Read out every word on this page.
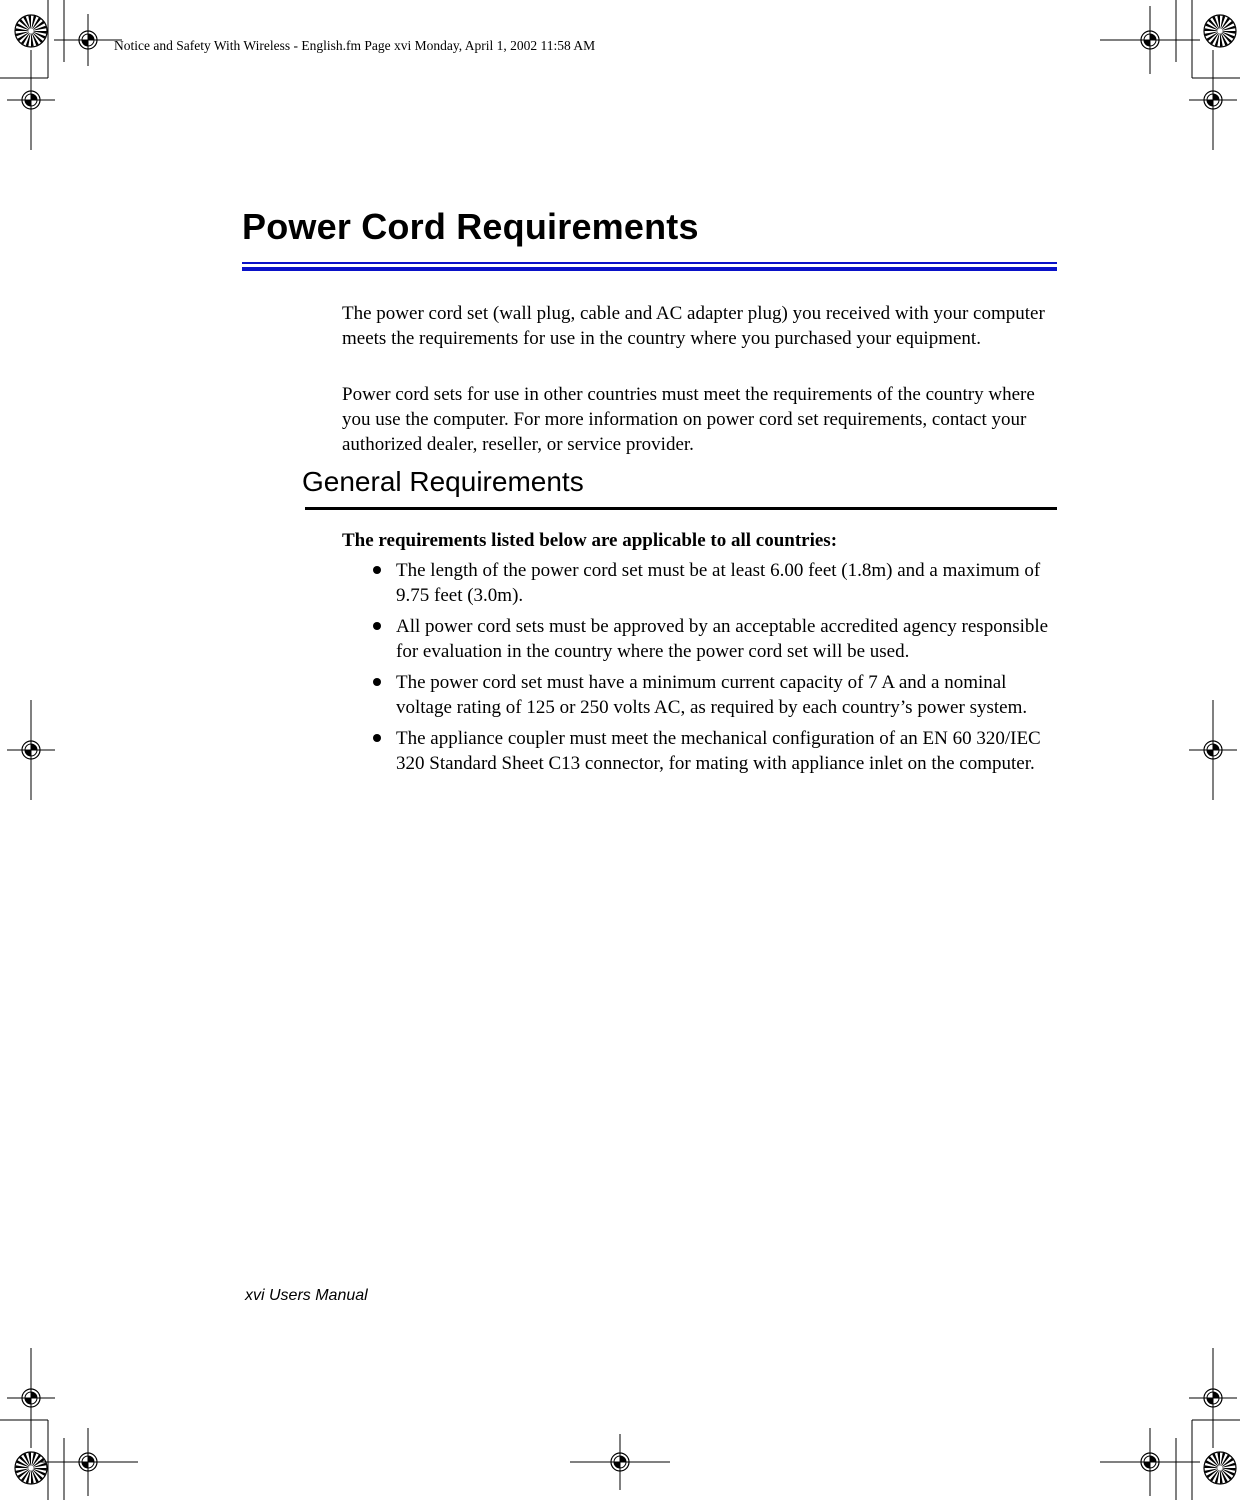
Notice and Safety With Wireless - English.fm Page xvi Monday, April 1, 2002 11:58 AM
Power Cord Requirements

The power cord set (wall plug, cable and AC adapter plug) you received with your computer meets the requirements for use in the country where you purchased your equipment.

Power cord sets for use in other countries must meet the requirements of the country where you use the computer. For more information on power cord set requirements, contact your authorized dealer, reseller, or service provider.

General Requirements

The requirements listed below are applicable to all countries:

The length of the power cord set must be at least 6.00 feet (1.8m) and a maximum of 9.75 feet (3.0m).
All power cord sets must be approved by an acceptable accredited agency responsible for evaluation in the country where the power cord set will be used.
The power cord set must have a minimum current capacity of 7 A and a nominal voltage rating of 125 or 250 volts AC, as required by each country’s power system.
The appliance coupler must meet the mechanical configuration of an EN 60 320/IEC 320 Standard Sheet C13 connector, for mating with appliance inlet on the computer.
xvi Users Manual
